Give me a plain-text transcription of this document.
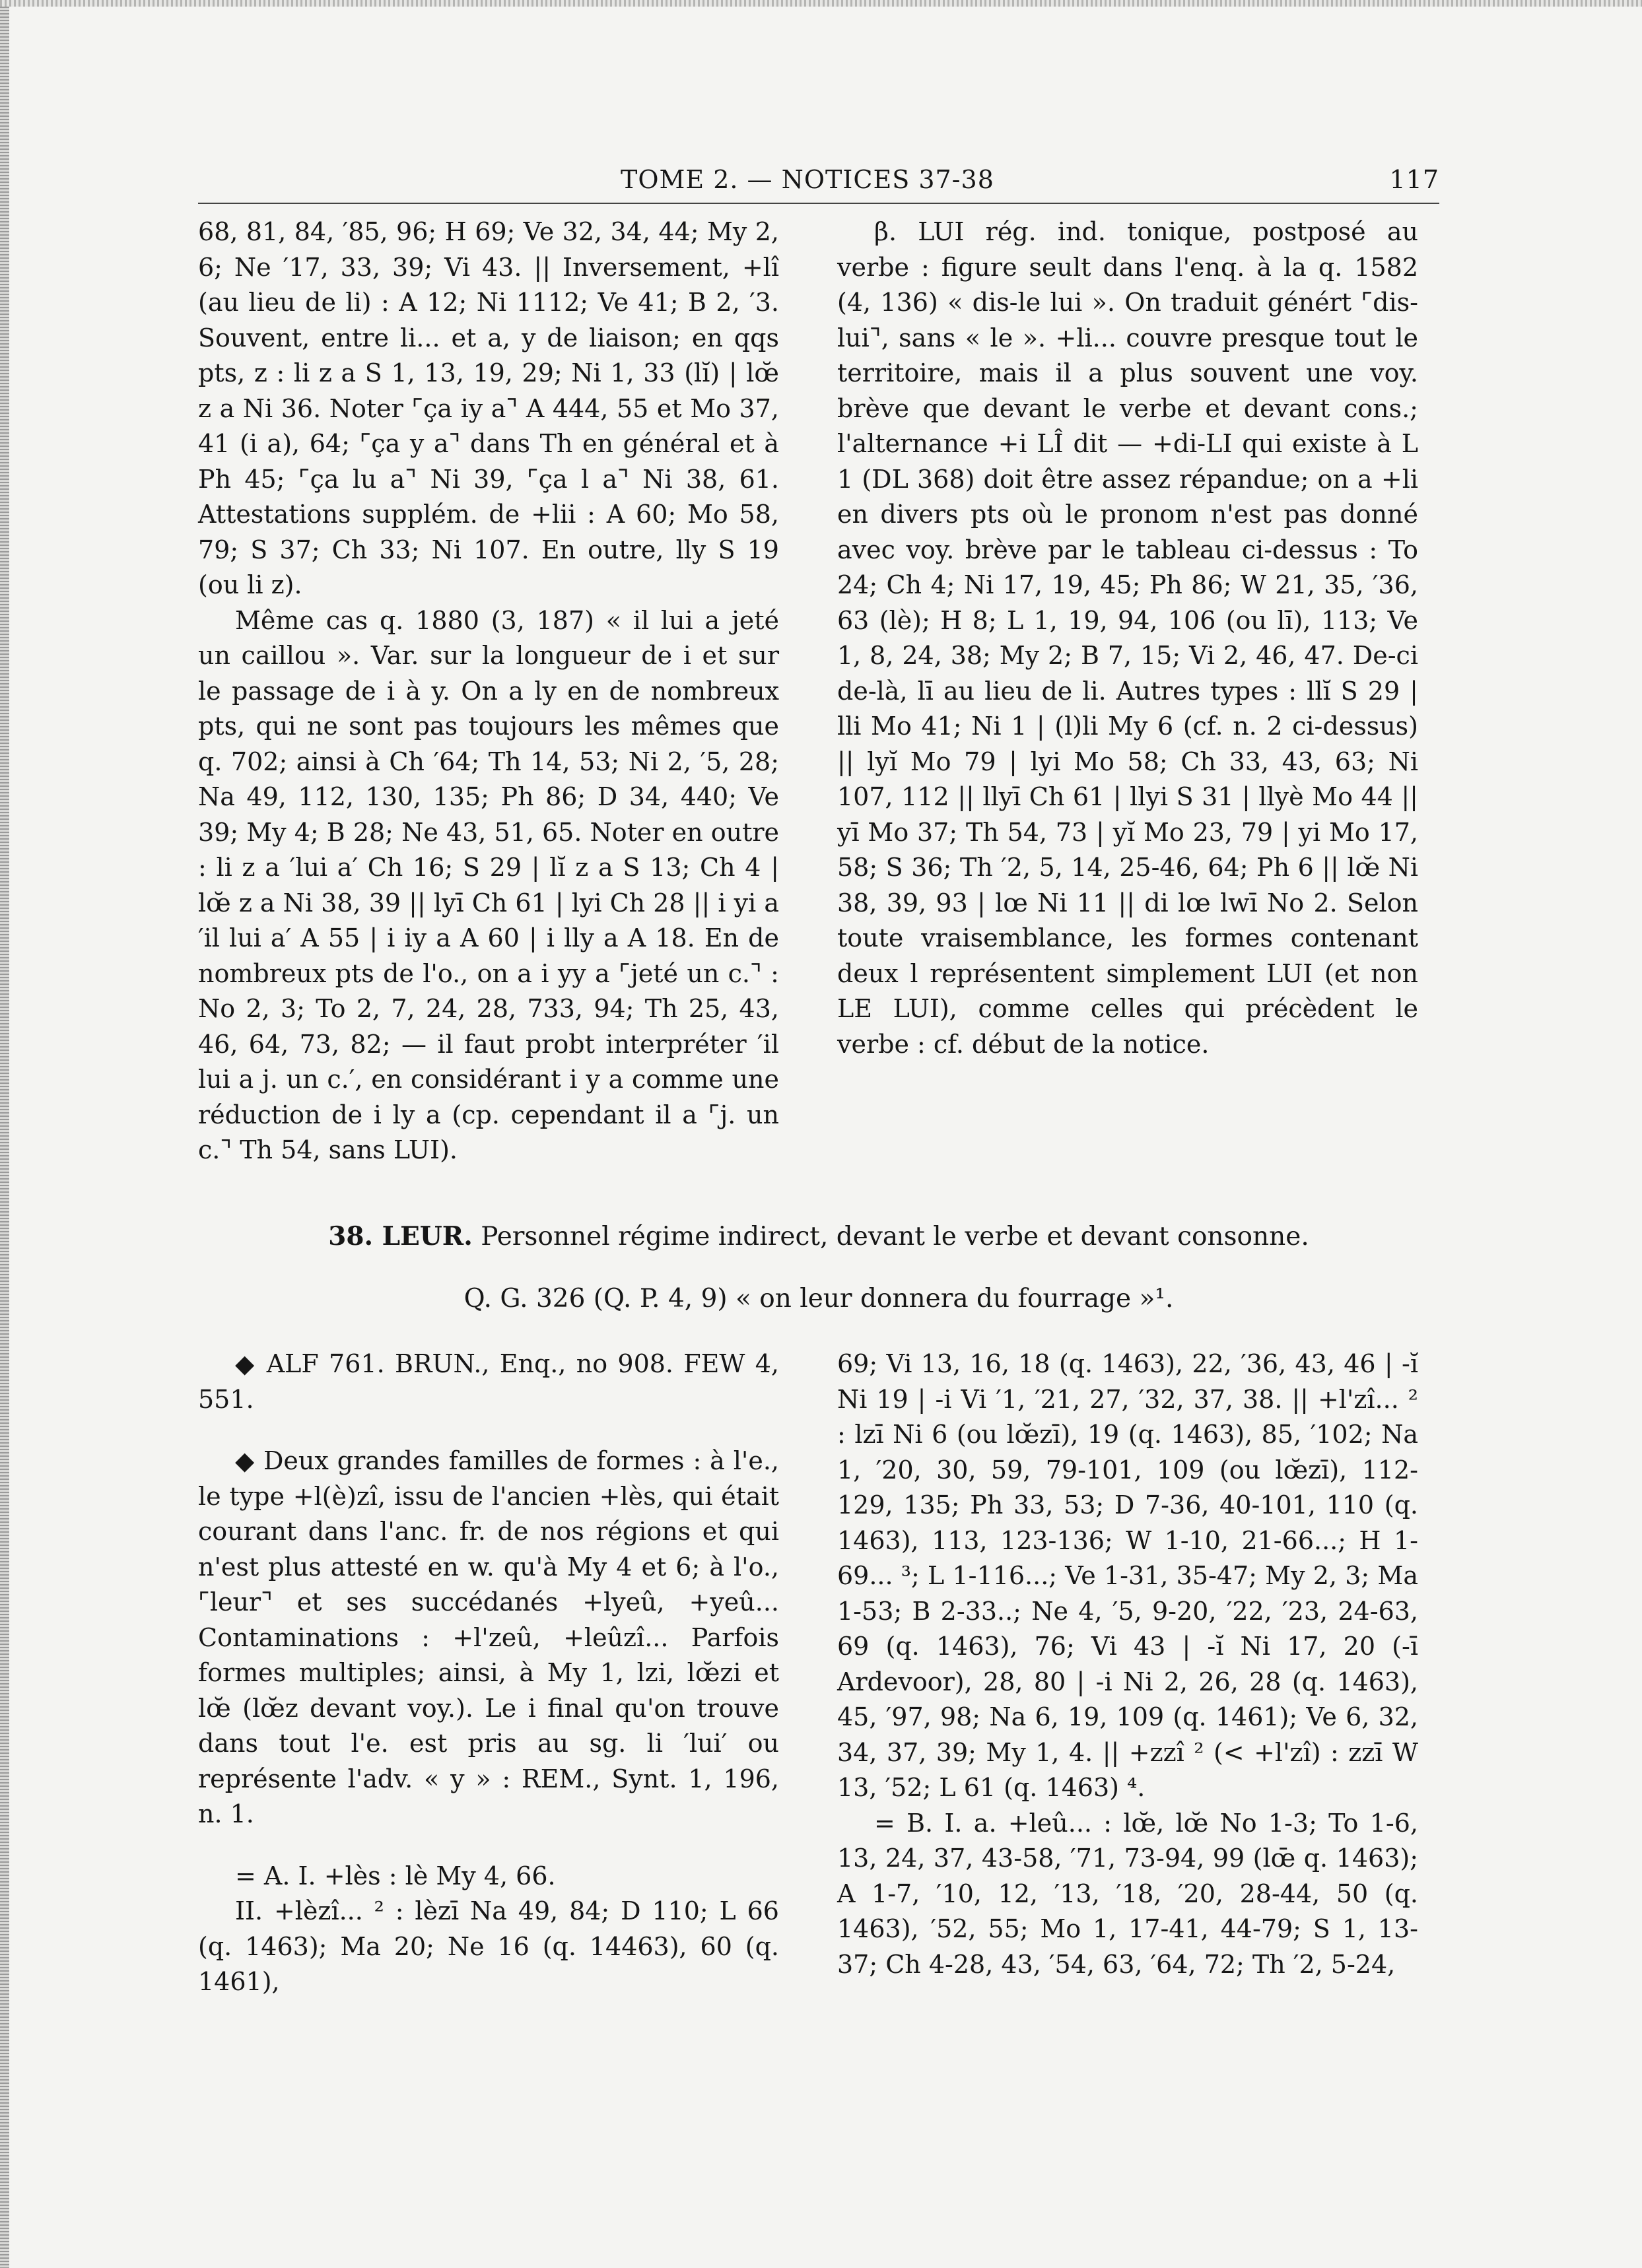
TOME 2. — NOTICES 37-38	117

68, 81, 84, ′85, 96; H 69; Ve 32, 34, 44; My 2, 6; Ne ′17, 33, 39; Vi 43. || Inversement, +lî (au lieu de li) : A 12; Ni 1112; Ve 41; B 2, ′3. Souvent, entre li... et a, y de liaison; en qqs pts, z : li z a S 1, 13, 19, 29; Ni 1, 33 (lĭ) | lœ̆ z a Ni 36. Noter ⌜ça iy a⌝ A 444, 55 et Mo 37, 41 (i a), 64; ⌜ça y a⌝ dans Th en général et à Ph 45; ⌜ça lu a⌝ Ni 39, ⌜ça l a⌝ Ni 38, 61. Attestations supplém. de +lii : A 60; Mo 58, 79; S 37; Ch 33; Ni 107. En outre, lly S 19 (ou li z).

Même cas q. 1880 (3, 187) « il lui a jeté un caillou ». Var. sur la longueur de i et sur le passage de i à y. On a ly en de nombreux pts, qui ne sont pas toujours les mêmes que q. 702; ainsi à Ch ′64; Th 14, 53; Ni 2, ′5, 28; Na 49, 112, 130, 135; Ph 86; D 34, 440; Ve 39; My 4; B 28; Ne 43, 51, 65. Noter en outre : li z a ′lui a′ Ch 16; S 29 | lĭ z a S 13; Ch 4 | lœ̆ z a Ni 38, 39 || lyī Ch 61 | lyi Ch 28 || i yi a ′il lui a′ A 55 | i iy a A 60 | i lly a A 18. En de nombreux pts de l'o., on a i yy a ⌜jeté un c.⌝ : No 2, 3; To 2, 7, 24, 28, 733, 94; Th 25, 43, 46, 64, 73, 82; — il faut probt interpréter ′il lui a j. un c.′, en considérant i y a comme une réduction de i ly a (cp. cependant il a ⌜j. un c.⌝ Th 54, sans LUI).

β. LUI rég. ind. tonique, postposé au verbe : figure seult dans l'enq. à la q. 1582 (4, 136) « dis-le lui ». On traduit génért ⌜dis-lui⌝, sans « le ». +li... couvre presque tout le territoire, mais il a plus souvent une voy. brève que devant le verbe et devant cons.; l'alternance +i LÎ dit — +di-LI qui existe à L 1 (DL 368) doit être assez répandue; on a +li en divers pts où le pronom n'est pas donné avec voy. brève par le tableau ci-dessus : To 24; Ch 4; Ni 17, 19, 45; Ph 86; W 21, 35, ′36, 63 (lè); H 8; L 1, 19, 94, 106 (ou lī), 113; Ve 1, 8, 24, 38; My 2; B 7, 15; Vi 2, 46, 47. De-ci de-là, lī au lieu de li. Autres types : llĭ S 29 | lli Mo 41; Ni 1 | (l)li My 6 (cf. n. 2 ci-dessus) || lyĭ Mo 79 | lyi Mo 58; Ch 33, 43, 63; Ni 107, 112 || llyī Ch 61 | llyi S 31 | llyè Mo 44 || yī Mo 37; Th 54, 73 | yĭ Mo 23, 79 | yi Mo 17, 58; S 36; Th ′2, 5, 14, 25-46, 64; Ph 6 || lœ̆ Ni 38, 39, 93 | lœ Ni 11 || di lœ lwī No 2. Selon toute vraisemblance, les formes contenant deux l représentent simplement LUI (et non LE LUI), comme celles qui précèdent le verbe : cf. début de la notice.

38. LEUR. Personnel régime indirect, devant le verbe et devant consonne.
Q. G. 326 (Q. P. 4, 9) « on leur donnera du fourrage »¹.

◆ ALF 761. BRUN., Enq., no 908. FEW 4, 551.

◆ Deux grandes familles de formes : à l'e., le type +l(è)zî, issu de l'ancien +lès, qui était courant dans l'anc. fr. de nos régions et qui n'est plus attesté en w. qu'à My 4 et 6; à l'o., ⌜leur⌝ et ses succédanés +lyeû, +yeû... Contaminations : +l'zeû, +leûzî... Parfois formes multiples; ainsi, à My 1, lzi, lœ̆zi et lœ̆ (lœ̆z devant voy.). Le i final qu'on trouve dans tout l'e. est pris au sg. li ′lui′ ou représente l'adv. « y » : REM., Synt. 1, 196, n. 1.

= A. I. +lès : lè My 4, 66.

II. +lèzî... ² : lèzī Na 49, 84; D 110; L 66 (q. 1463); Ma 20; Ne 16 (q. 14463), 60 (q. 1461),

69; Vi 13, 16, 18 (q. 1463), 22, ′36, 43, 46 | -ĭ Ni 19 | -i Vi ′1, ′21, 27, ′32, 37, 38. || +l'zî... ² : lzī Ni 6 (ou lœ̆zī), 19 (q. 1463), 85, ′102; Na 1, ′20, 30, 59, 79-101, 109 (ou lœ̆zī), 112-129, 135; Ph 33, 53; D 7-36, 40-101, 110 (q. 1463), 113, 123-136; W 1-10, 21-66...; H 1-69... ³; L 1-116...; Ve 1-31, 35-47; My 2, 3; Ma 1-53; B 2-33..; Ne 4, ′5, 9-20, ′22, ′23, 24-63, 69 (q. 1463), 76; Vi 43 | -ĭ Ni 17, 20 (-ī Ardevoor), 28, 80 | -i Ni 2, 26, 28 (q. 1463), 45, ′97, 98; Na 6, 19, 109 (q. 1461); Ve 6, 32, 34, 37, 39; My 1, 4. || +zzî ² (< +l'zî) : zzī W 13, ′52; L 61 (q. 1463) ⁴.

= B. I. a. +leû... : lœ̆, lœ̆ No 1-3; To 1-6, 13, 24, 37, 43-58, ′71, 73-94, 99 (lœ̄ q. 1463); A 1-7, ′10, 12, ′13, ′18, ′20, 28-44, 50 (q. 1463), ′52, 55; Mo 1, 17-41, 44-79; S 1, 13-37; Ch 4-28, 43, ′54, 63, ′64, 72; Th ′2, 5-24,
